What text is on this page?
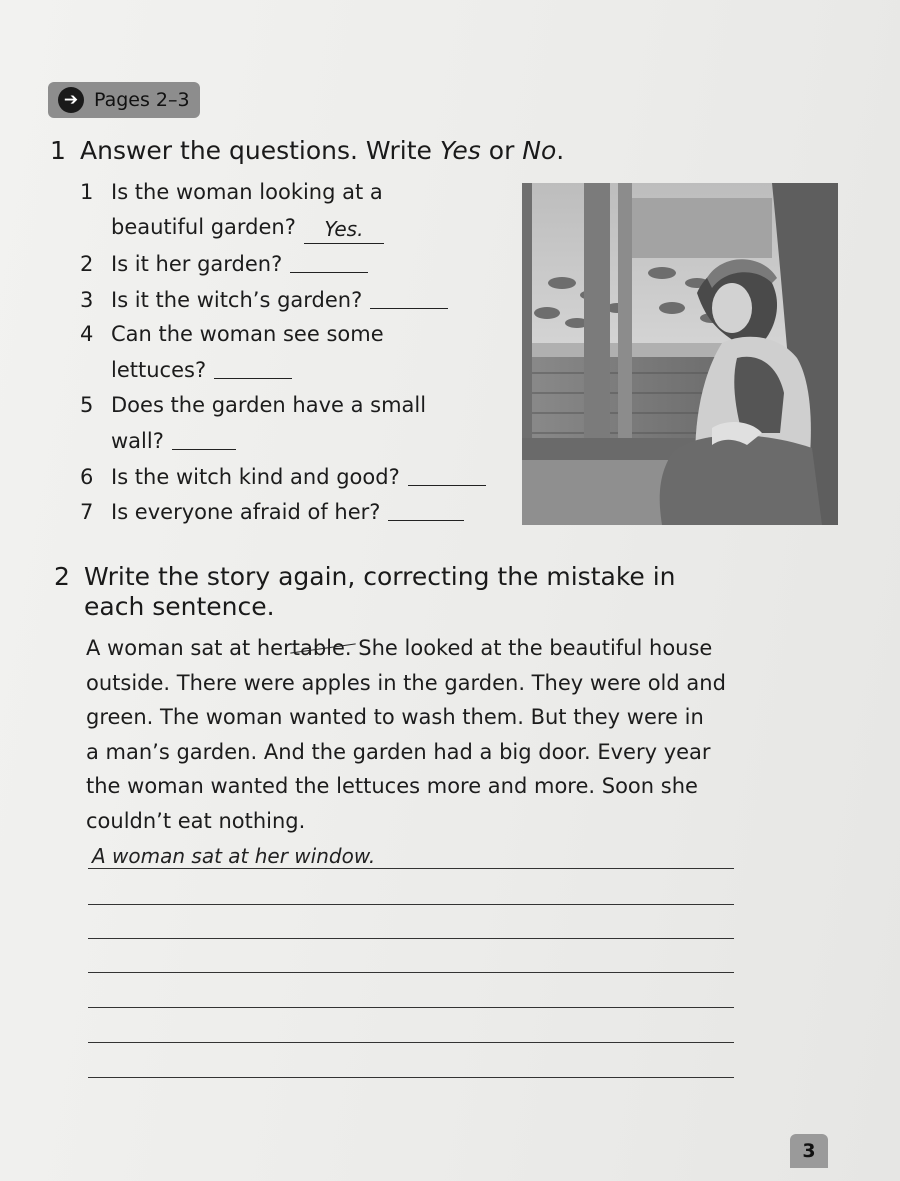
➔ Pages 2–3
1 Answer the questions. Write Yes or No.
1 Is the woman looking at a
beautiful garden? Yes.
2 Is it her garden?
3 Is it the witch’s garden?
4 Can the woman see some
lettuces?
5 Does the garden have a small
wall?
6 Is the witch kind and good?
7 Is everyone afraid of her?
2 Write the story again, correcting the mistake in
each sentence.

A woman sat at hertable. She looked at the beautiful house

outside. There were apples in the garden. They were old and

green. The woman wanted to wash them. But they were in

a man’s garden. And the garden had a big door. Every year

the woman wanted the lettuces more and more. Soon she

couldn’t eat nothing.

A woman sat at her window.
3
